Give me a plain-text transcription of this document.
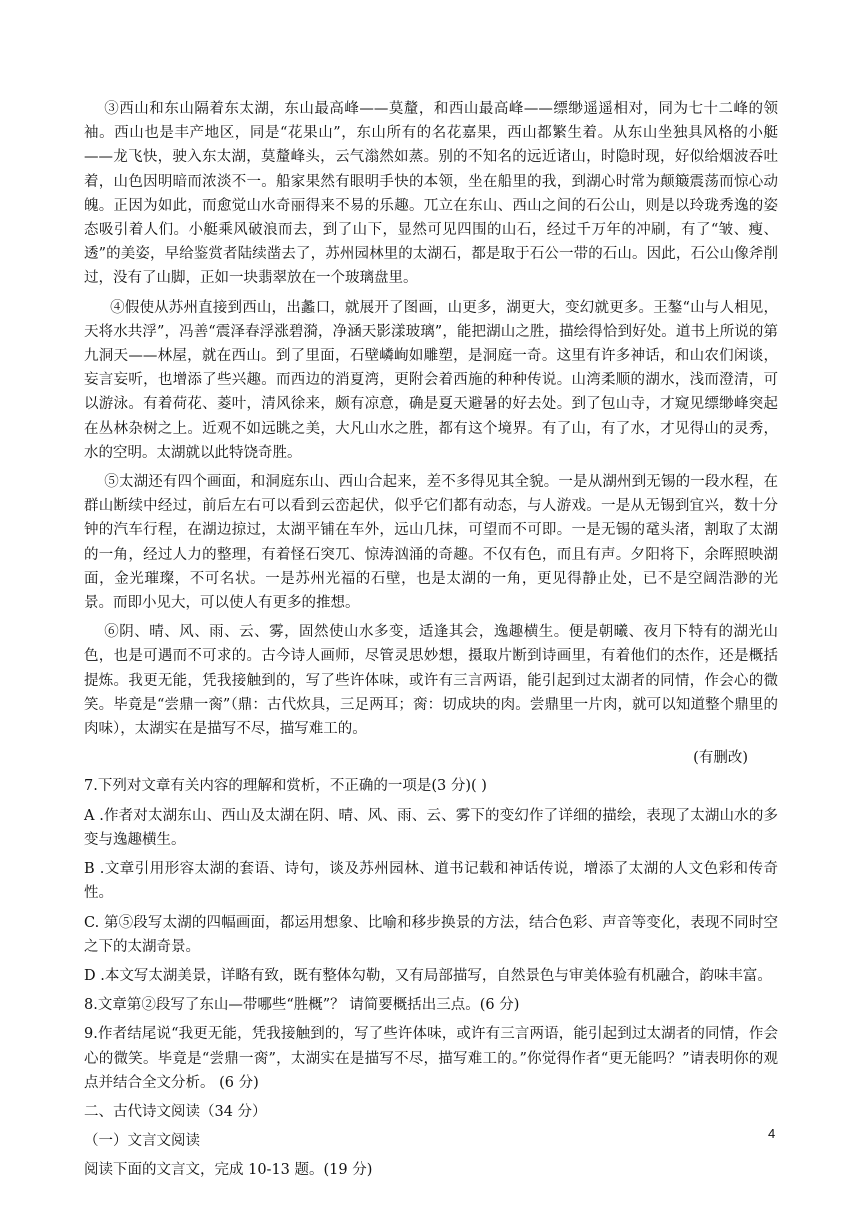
③西山和东山隔着东太湖，东山最高峰——莫釐，和西山最高峰——缥缈遥遥相对，同为七十二峰的领袖。西山也是丰产地区，同是“花果山”，东山所有的名花嘉果，西山都繁生着。从东山坐独具风格的小艇——龙飞快，驶入东太湖，莫釐峰头，云气滃然如蒸。别的不知名的远近诸山，时隐时现，好似给烟波吞吐着，山色因明暗而浓淡不一。船家果然有眼明手快的本领，坐在船里的我，到湖心时常为颠簸震荡而惊心动魄。正因为如此，而愈觉山水奇丽得来不易的乐趣。兀立在东山、西山之间的石公山，则是以玲珑秀逸的姿态吸引着人们。小艇乘风破浪而去，到了山下，显然可见四围的山石，经过千万年的冲刷，有了“皱、瘦、透”的美姿，早给鉴赏者陆续凿去了，苏州园林里的太湖石，都是取于石公一带的石山。因此，石公山像斧削过，没有了山脚，正如一块翡翠放在一个玻璃盘里。

④假使从苏州直接到西山，出蠡口，就展开了图画，山更多，湖更大，变幻就更多。王鏊“山与人相见，天将水共浮”，冯善“震泽春浮涨碧漪，净涵天影漾玻璃”，能把湖山之胜，描绘得恰到好处。道书上所说的第九洞天——林屋，就在西山。到了里面，石壁嶙峋如雕塑，是洞庭一奇。这里有许多神话，和山农们闲谈，妄言妄听，也增添了些兴趣。而西边的消夏湾，更附会着西施的种种传说。山湾柔顺的湖水，浅而澄清，可以游泳。有着荷花、菱叶，清风徐来，颇有凉意，确是夏天避暑的好去处。到了包山寺，才窥见缥缈峰突起在丛林杂树之上。近观不如远眺之美，大凡山水之胜，都有这个境界。有了山，有了水，才见得山的灵秀，水的空明。太湖就以此特饶奇胜。

⑤太湖还有四个画面，和洞庭东山、西山合起来，差不多得见其全貌。一是从湖州到无锡的一段水程，在群山断续中经过，前后左右可以看到云峦起伏，似乎它们都有动态，与人游戏。一是从无锡到宜兴，数十分钟的汽车行程，在湖边掠过，太湖平铺在车外，远山几抹，可望而不可即。一是无锡的鼋头渚，割取了太湖的一角，经过人力的整理，有着怪石突兀、惊涛汹涌的奇趣。不仅有色，而且有声。夕阳将下，余晖照映湖面，金光璀璨，不可名状。一是苏州光福的石壁，也是太湖的一角，更见得静止处，已不是空阔浩渺的光景。而即小见大，可以使人有更多的推想。

⑥阴、晴、风、雨、云、雾，固然使山水多变，适逢其会，逸趣横生。便是朝曦、夜月下特有的湖光山色，也是可遇而不可求的。古今诗人画师，尽管灵思妙想，摄取片断到诗画里，有着他们的杰作，还是概括提炼。我更无能，凭我接触到的，写了些许体味，或许有三言两语，能引起到过太湖者的同情，作会心的微笑。毕竟是“尝鼎一脔”（鼎：古代炊具，三足两耳；脔：切成块的肉。尝鼎里一片肉，就可以知道整个鼎里的肉味），太湖实在是描写不尽，描写难工的。

(有删改)

7.下列对文章有关内容的理解和赏析，不正确的一项是(3 分)( )

A .作者对太湖东山、西山及太湖在阴、晴、风、雨、云、雾下的变幻作了详细的描绘，表现了太湖山水的多变与逸趣横生。

B .文章引用形容太湖的套语、诗句，谈及苏州园林、道书记载和神话传说，增添了太湖的人文色彩和传奇性。

C. 第⑤段写太湖的四幅画面，都运用想象、比喻和移步换景的方法，结合色彩、声音等变化，表现不同时空之下的太湖奇景。

D .本文写太湖美景，详略有致，既有整体勾勒，又有局部描写，自然景色与审美体验有机融合，韵味丰富。

8.文章第②段写了东山—带哪些“胜概”？ 请简要概括出三点。(6 分)

9.作者结尾说“我更无能，凭我接触到的，写了些许体味，或许有三言两语，能引起到过太湖者的同情，作会心的微笑。毕竟是“尝鼎一脔”，太湖实在是描写不尽，描写难工的。”你觉得作者“更无能吗？”请表明你的观点并结合全文分析。 (6 分)

二、古代诗文阅读（34 分）

（一）文言文阅读

阅读下面的文言文，完成 10-13 题。(19 分)

4
